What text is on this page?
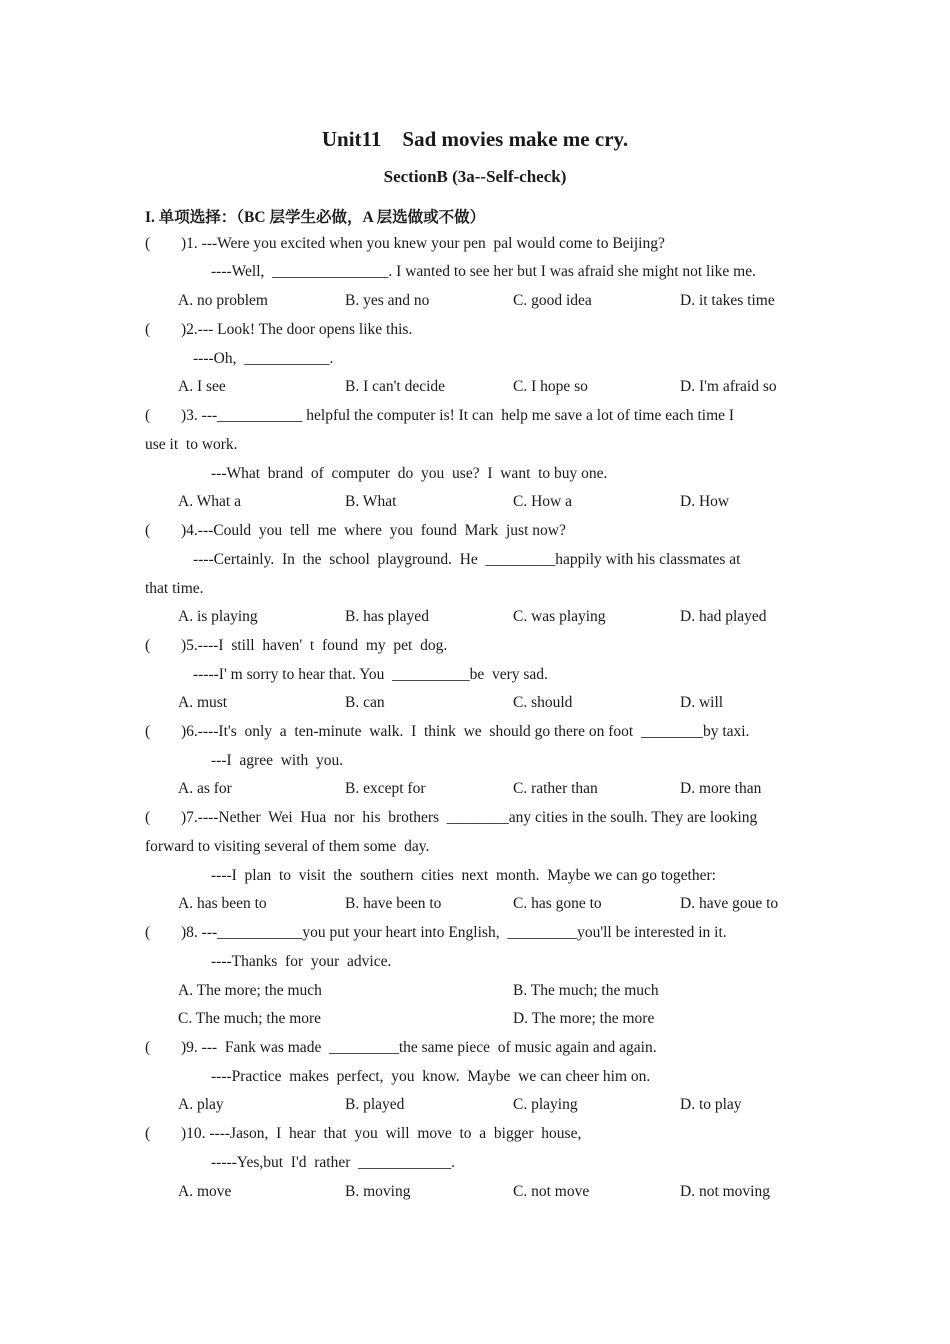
Unit11    Sad movies make me cry.
SectionB (3a--Self-check)
I. 单项选择：（BC 层学生必做，A 层选做或不做）
( )1. ---Were you excited when you knew your pen  pal would come to Beijing?
----Well,  _______________. I wanted to see her but I was afraid she might not like me.
A. no problem	B. yes and no	C. good idea	D. it takes time
( )2.--- Look! The door opens like this.
----Oh,  ___________.
A. I see	B. I can't decide	C. I hope so	D. I'm afraid so
( )3. ---___________ helpful the computer is! It can  help me save a lot of time each time I
use it  to work.
---What  brand  of  computer  do  you  use?  I  want  to buy one.
A. What a	B. What	C. How a	D. How
( )4.---Could  you  tell  me  where  you  found  Mark  just now?
----Certainly.  In  the  school  playground.  He  _________happily with his classmates at
that time.
A. is playing	B. has played	C. was playing	D. had played
( )5.----I  still  haven'  t  found  my  pet  dog.
-----I' m sorry to hear that. You  __________be  very sad.
A. must	B. can	C. should	D. will
( )6.----It's  only  a  ten-minute  walk.  I  think  we  should go there on foot  ________by taxi.
---I  agree  with  you.
A. as for	B. except for	C. rather than	D. more than
( )7.----Nether  Wei  Hua  nor  his  brothers  ________any cities in the soulh. They are looking
forward to visiting several of them some  day.
----I  plan  to  visit  the  southern  cities  next  month.  Maybe we can go together:
A. has been to	B. have been to	C. has gone to	D. have goue to
( )8. ---___________you put your heart into English,  _________you'll be interested in it.
----Thanks  for  your  advice.
A. The more; the much	B. The much; the much
C. The much; the more	D. The more; the more
( )9. ---  Fank was made  _________the same piece  of music again and again.
----Practice  makes  perfect,  you  know.  Maybe  we can cheer him on.
A. play	B. played	C. playing	D. to play
( )10. ----Jason,  I  hear  that  you  will  move  to  a  bigger  house,
-----Yes,but  I'd  rather  ____________.
A. move	B. moving	C. not move	D. not moving
